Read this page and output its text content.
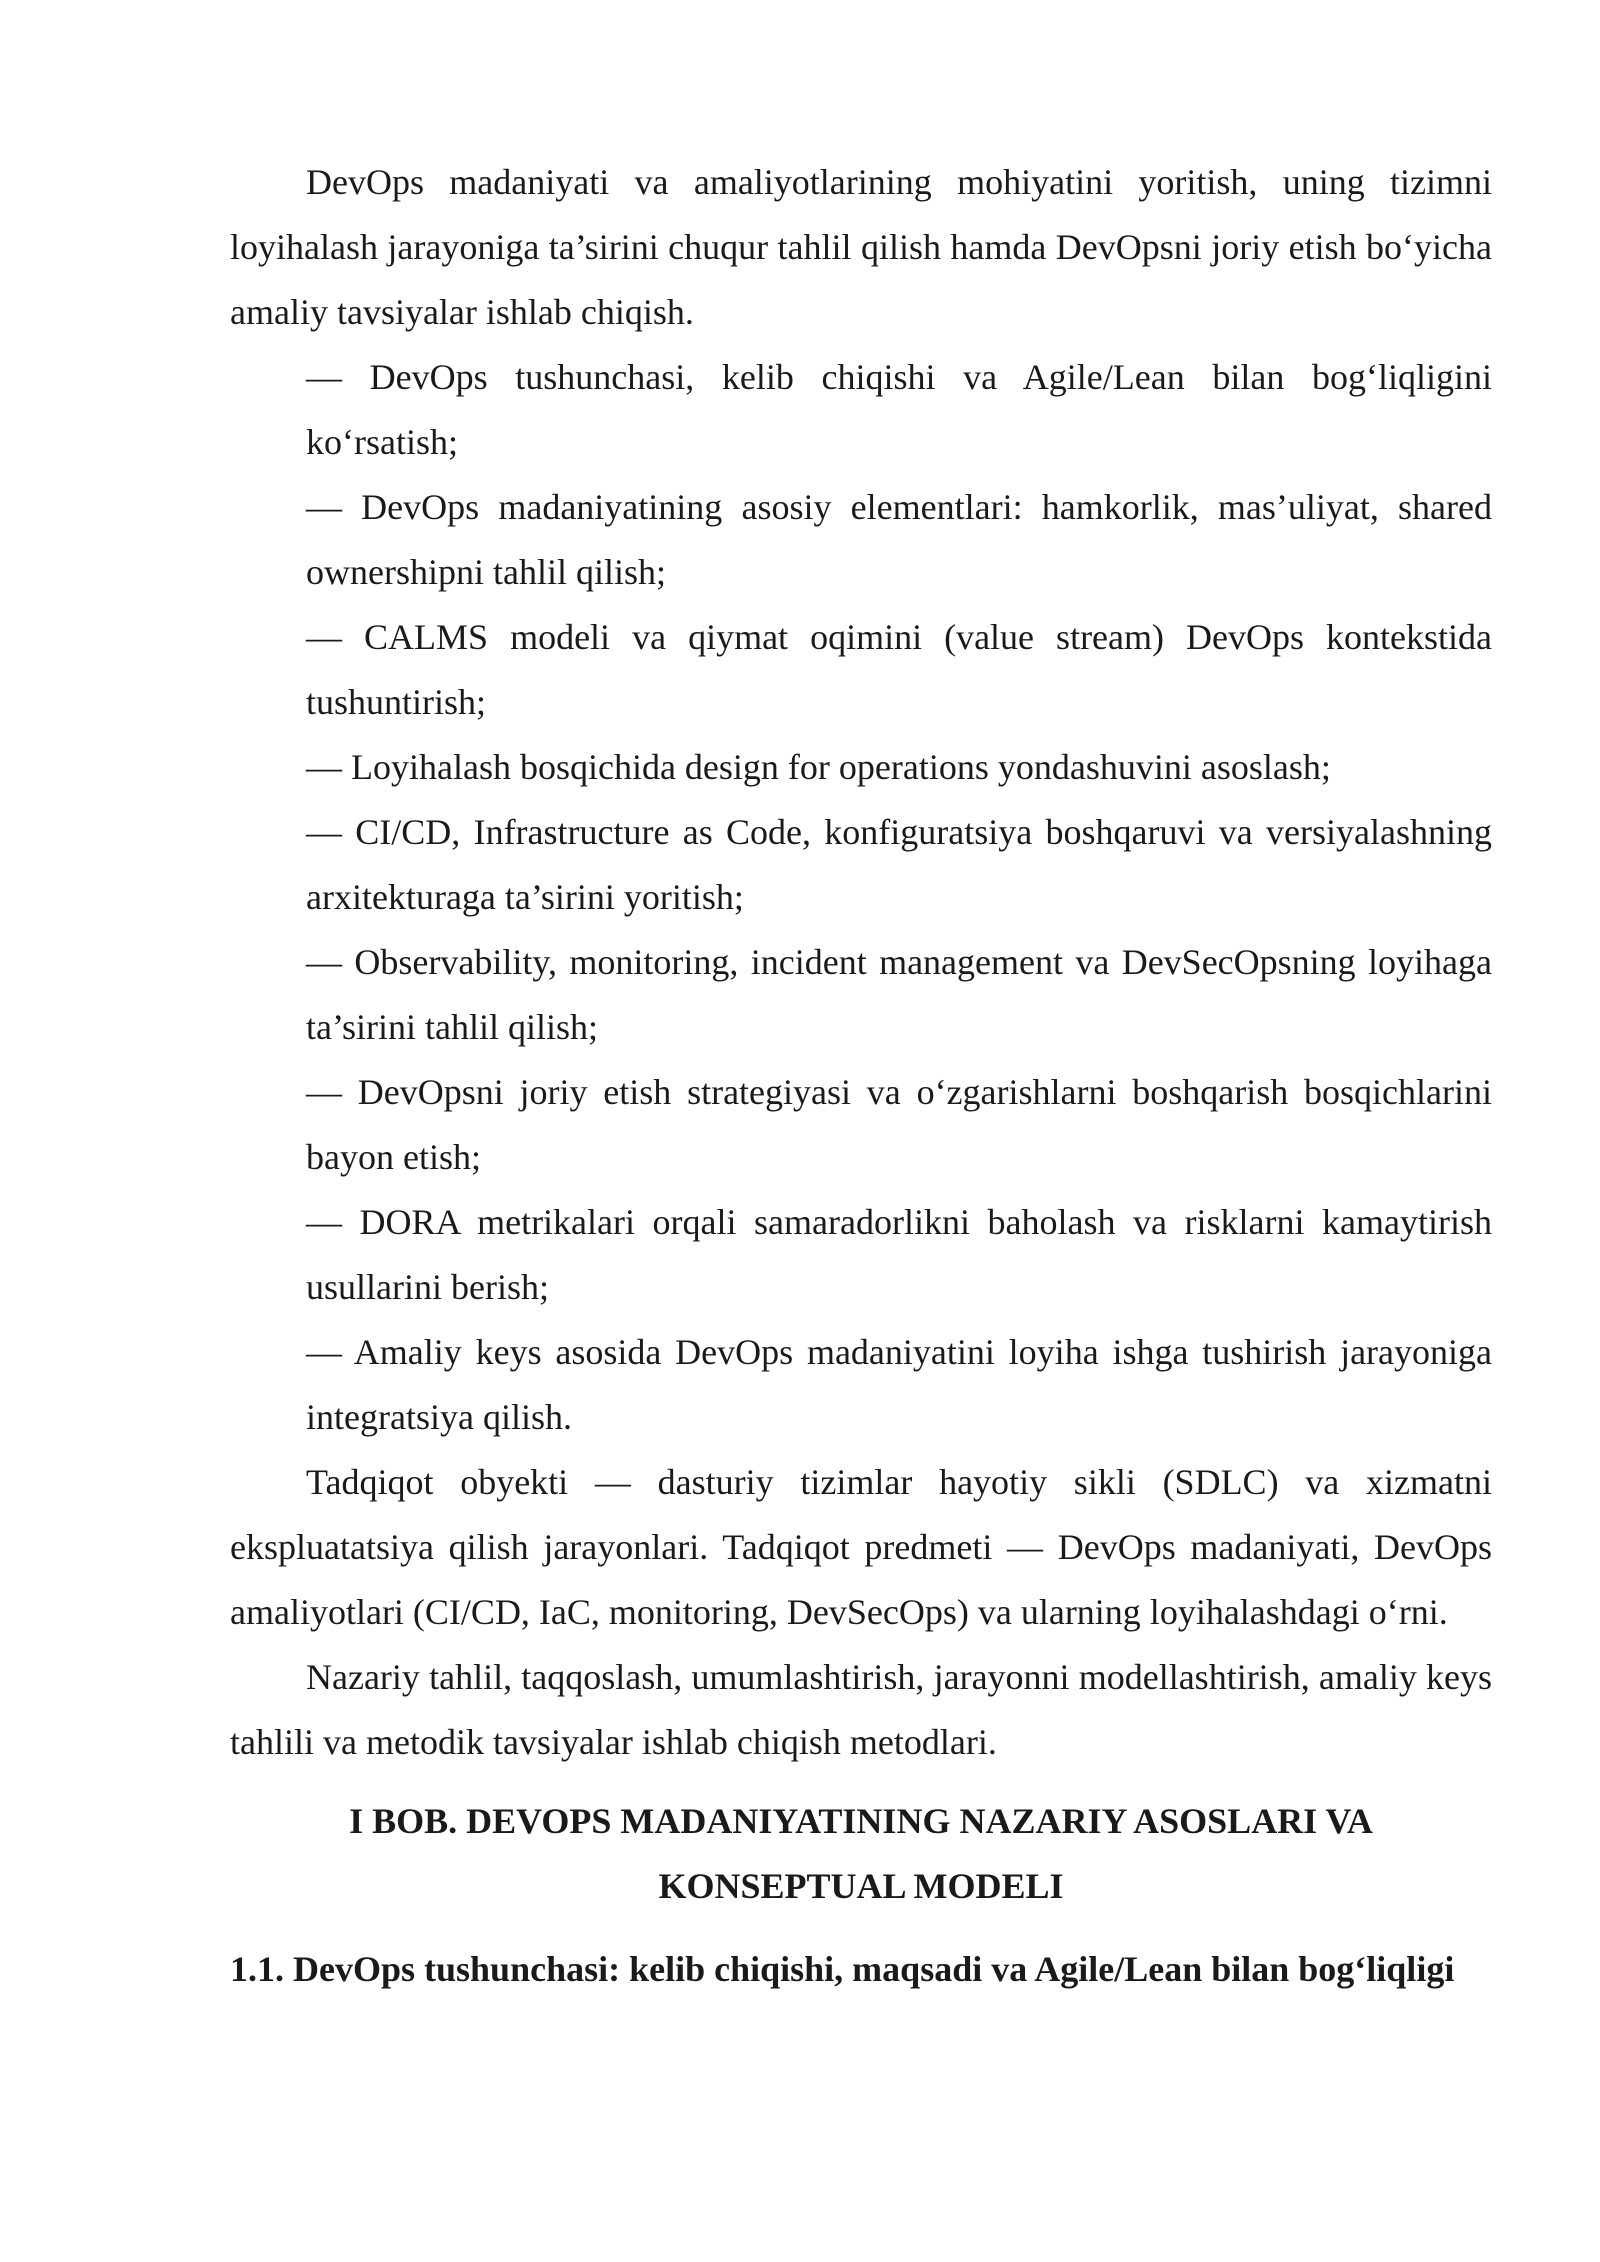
DevOps madaniyati va amaliyotlarining mohiyatini yoritish, uning tizimni loyihalash jarayoniga ta’sirini chuqur tahlil qilish hamda DevOpsni joriy etish bo‘yicha amaliy tavsiyalar ishlab chiqish.

— DevOps tushunchasi, kelib chiqishi va Agile/Lean bilan bog‘liqligini ko‘rsatish;
— DevOps madaniyatining asosiy elementlari: hamkorlik, mas’uliyat, shared ownershipni tahlil qilish;
— CALMS modeli va qiymat oqimini (value stream) DevOps kontekstida tushuntirish;
— Loyihalash bosqichida design for operations yondashuvini asoslash;
— CI/CD, Infrastructure as Code, konfiguratsiya boshqaruvi va versiyalashning arxitekturaga ta’sirini yoritish;
— Observability, monitoring, incident management va DevSecOpsning loyihaga ta’sirini tahlil qilish;
— DevOpsni joriy etish strategiyasi va o‘zgarishlarni boshqarish bosqichlarini bayon etish;
— DORA metrikalari orqali samaradorlikni baholash va risklarni kamaytirish usullarini berish;
— Amaliy keys asosida DevOps madaniyatini loyiha ishga tushirish jarayoniga integratsiya qilish.

Tadqiqot obyekti — dasturiy tizimlar hayotiy sikli (SDLC) va xizmatni ekspluatatsiya qilish jarayonlari. Tadqiqot predmeti — DevOps madaniyati, DevOps amaliyotlari (CI/CD, IaC, monitoring, DevSecOps) va ularning loyihalashdagi o‘rni.

Nazariy tahlil, taqqoslash, umumlashtirish, jarayonni modellashtirish, amaliy keys tahlili va metodik tavsiyalar ishlab chiqish metodlari.

I BOB. DEVOPS MADANIYATINING NAZARIY ASOSLARI VA KONSEPTUAL MODELI
1.1. DevOps tushunchasi: kelib chiqishi, maqsadi va Agile/Lean bilan bog‘liqligi
